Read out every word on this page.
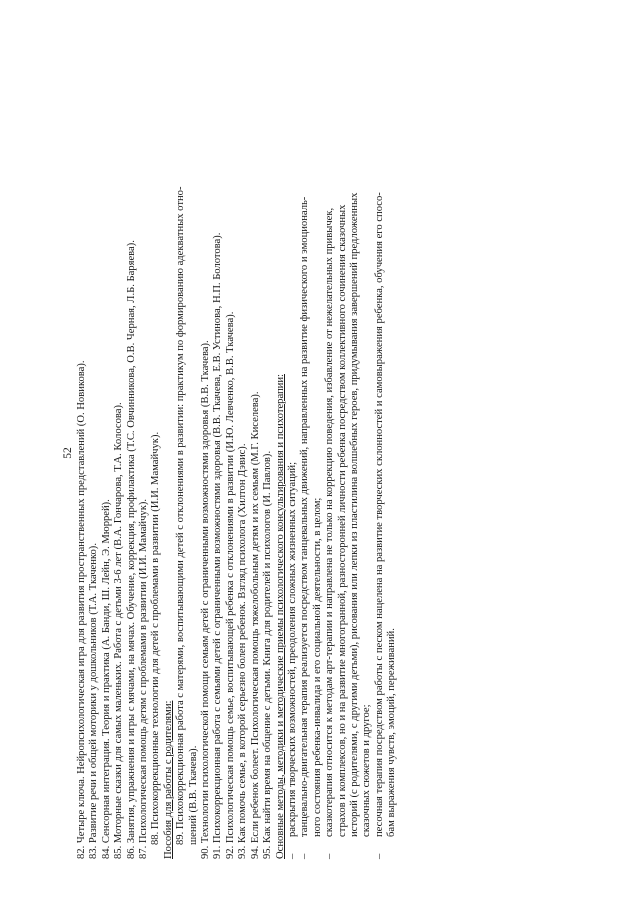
52 82. Четыре ключа. Нейропсихологическая игра для развития пространственных представлений (О. Новикова). 83. Развитие речи и общей моторики у дошкольников (Т.А. Ткаченко). 84. Сенсорная интеграция. Теория и практика (А. Банди, Ш. Лейн, Э. Мюррей). 85. Моторные сказки для самых маленьких. Работа с детьми 3-6 лет (В.А. Гончарова, Т.А. Колосова). 86. Занятия, упражнения и игры с мячами, на мячах. Обучение, коррекция, профилактика (Т.С. Овчинникова, О.В. Черная, Л.Б. Баряева). 87. Психологическая помощь детям с проблемами в развитии (И.И. Мамайчук). 88. Психокоррекционные технологии для детей с проблемами в развитии (И.И. Мамайчук). Пособия для работы с родителями: 89. Психокоррекционная работа с матерями, воспитывающими детей с отклонениями в развитии: практикум по формированию адекватных отно- шений (В.В. Ткачева). 90. Технологии психологической помощи семьям детей с ограниченными возможностями здоровья (В.В. Ткачева). 91. Психокоррекционная работа с семьями детей с ограниченными возможностями здоровья (В.В. Ткачева, Е.В. Устинова, Н.П. Болотова). 92. Психологическая помощь семье, воспитывающей ребенка с отклонениями в развитии (И.Ю. Левченко, В.В. Ткачева). 93. Как помочь семье, в которой серьезно болен ребенок. Взгляд психолога (Хилтон Дэвис). 94. Если ребенок болеет. Психологическая помощь тяжелобольным детям и их семьям (М.Г. Киселева). 95. Как найти время на общение с детьми. Книга для родителей и психологов (И. Павлов). Основные методы, методики и методические приемы психологического консультирования и психотерапии: –
раскрытия творческих возможностей, преодоления сложных жизненных ситуаций;
–
танцевально-двигательная терапия реализуется посредством танцевальных движений, направленных на развитие физического и эмоциональ- ного состояния ребенка-инвалида и его социальной деятельности, в целом;
–
сказкотерапия относится к методам арт-терапии и направлена не только на коррекцию поведения, избавление от нежелательных привычек, страхов и комплексов, но и на развитие многогранной, разносторонней личности ребенка посредством коллективного сочинения сказочных историй (с родителями, с другими детьми), рисования или лепки из пластилина волшебных героев, придумывания завершений предложенных сказочных сюжетов и другое;
–
песочная терапия посредством работы с песком нацелена на развитие творческих склонностей и самовыражения ребенка, обучения его спосо- бам выражения чувств, эмоций, переживаний.
